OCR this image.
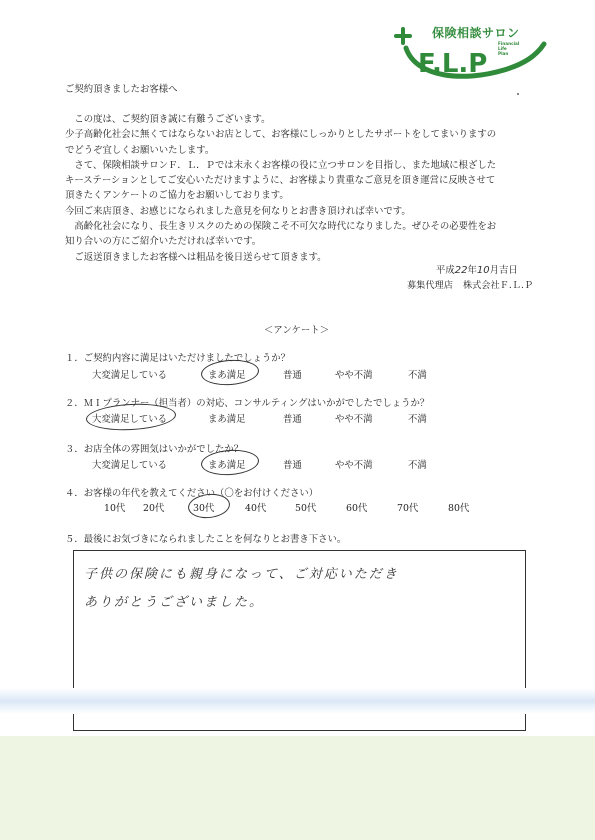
F.L.P
保険相談サロン
Financial
Life
Plan
ご契約頂きましたお客様へ

　この度は、ご契約頂き誠に有難うございます。

少子高齢化社会に無くてはならないお店として、お客様にしっかりとしたサポートをしてまいりますの

でどうぞ宜しくお願いいたします。

　さて、保険相談サロンＦ．Ｌ．Ｐでは末永くお客様の役に立つサロンを目指し、また地域に根ざした

キーステーションとしてご安心いただけますように、お客様より貴重なご意見を頂き運営に反映させて

頂きたくアンケートのご協力をお願いしております。

今回ご来店頂き、お感じになられました意見を何なりとお書き頂ければ幸いです。

　高齢化社会になり、長生きリスクのための保険こそ不可欠な時代になりました。ぜひその必要性をお

知り合いの方にご紹介いただければ幸いです。

　ご返送頂きましたお客様へは粗品を後日送らせて頂きます。

平成22年10月吉日
募集代理店 株式会社Ｆ.Ｌ.Ｐ
＜アンケート＞
１．ご契約内容に満足はいただけましたでしょうか？
大変満足している	まあ満足	普通	やや不満	不満
２．ＭＩプランナー（担当者）の対応、コンサルティングはいかがでしたでしょうか？
大変満足している	まあ満足	普通	やや不満	不満
３．お店全体の雰囲気はいかがでしたか？
大変満足している	まあ満足	普通	やや不満	不満
４．お客様の年代を教えてください（〇をお付けください）
10代 20代	30代	40代	50代	60代	70代	80代
５．最後にお気づきになられましたことを何なりとお書き下さい。
子供の保険にも親身になって、ご対応いただき
ありがとうございました。
